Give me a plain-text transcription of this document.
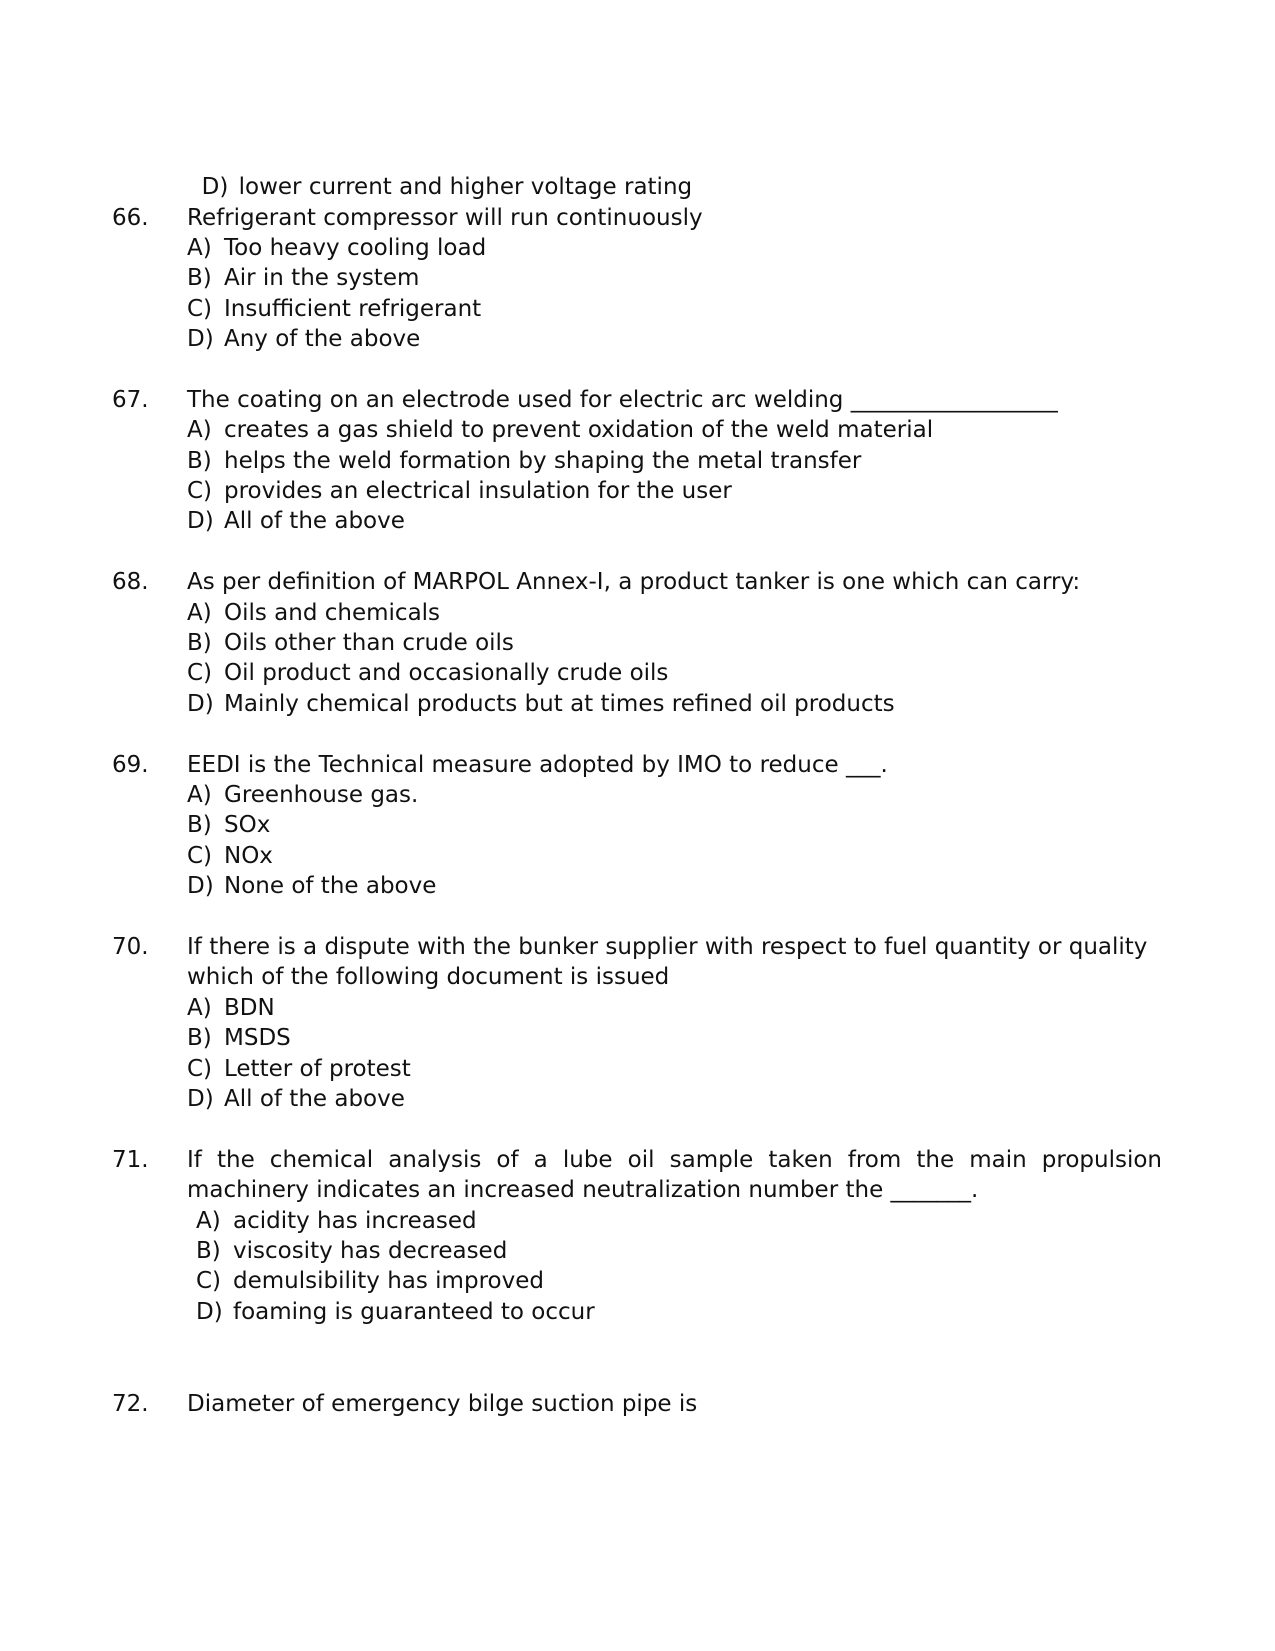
D) lower current and higher voltage rating

66. Refrigerant compressor will run continuously
A) Too heavy cooling load
B) Air in the system
C) Insufficient refrigerant
D) Any of the above
67. The coating on an electrode used for electric arc welding __________________
A) creates a gas shield to prevent oxidation of the weld material
B) helps the weld formation by shaping the metal transfer
C) provides an electrical insulation for the user
D) All of the above
68. As per definition of MARPOL Annex-I, a product tanker is one which can carry:
A) Oils and chemicals
B) Oils other than crude oils
C) Oil product and occasionally crude oils
D) Mainly chemical products but at times refined oil products
69. EEDI is the Technical measure adopted by IMO to reduce ___.
A) Greenhouse gas.
B) SOx
C) NOx
D) None of the above
70. If there is a dispute with the bunker supplier with respect to fuel quantity or quality
which of the following document is issued
A) BDN
B) MSDS
C) Letter of protest
D) All of the above
71. If the chemical analysis of a lube oil sample taken from the main propulsion
machinery indicates an increased neutralization number the _______.
A) acidity has increased
B) viscosity has decreased
C) demulsibility has improved
D) foaming is guaranteed to occur
72. Diameter of emergency bilge suction pipe is
